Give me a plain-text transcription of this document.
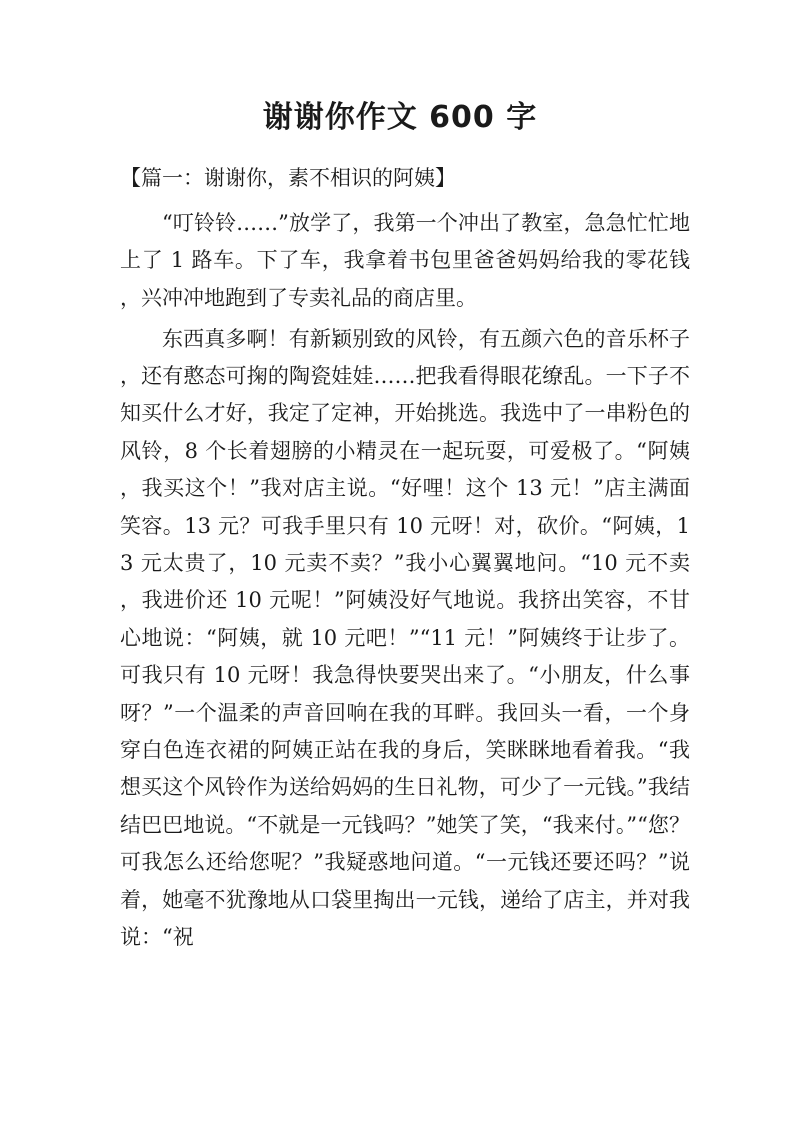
谢谢你作文 600 字

【篇一：谢谢你，素不相识的阿姨】

“叮铃铃……”放学了，我第一个冲出了教室，急急忙忙地上了 1 路车。下了车，我拿着书包里爸爸妈妈给我的零花钱，兴冲冲地跑到了专卖礼品的商店里。

东西真多啊！有新颖别致的风铃，有五颜六色的音乐杯子，还有憨态可掬的陶瓷娃娃……把我看得眼花缭乱。一下子不知买什么才好，我定了定神，开始挑选。我选中了一串粉色的风铃，8 个长着翅膀的小精灵在一起玩耍，可爱极了。“阿姨，我买这个！”我对店主说。“好哩！这个 13 元！”店主满面笑容。13 元？可我手里只有 10 元呀！对，砍价。“阿姨，13 元太贵了，10 元卖不卖？”我小心翼翼地问。“10 元不卖，我进价还 10 元呢！”阿姨没好气地说。我挤出笑容，不甘心地说：“阿姨，就 10 元吧！”“11 元！”阿姨终于让步了。可我只有 10 元呀！我急得快要哭出来了。“小朋友，什么事呀？”一个温柔的声音回响在我的耳畔。我回头一看，一个身穿白色连衣裙的阿姨正站在我的身后，笑眯眯地看着我。“我想买这个风铃作为送给妈妈的生日礼物，可少了一元钱。”我结结巴巴地说。“不就是一元钱吗？”她笑了笑，“我来付。”“您？可我怎么还给您呢？”我疑惑地问道。“一元钱还要还吗？”说着，她毫不犹豫地从口袋里掏出一元钱，递给了店主，并对我说：“祝
